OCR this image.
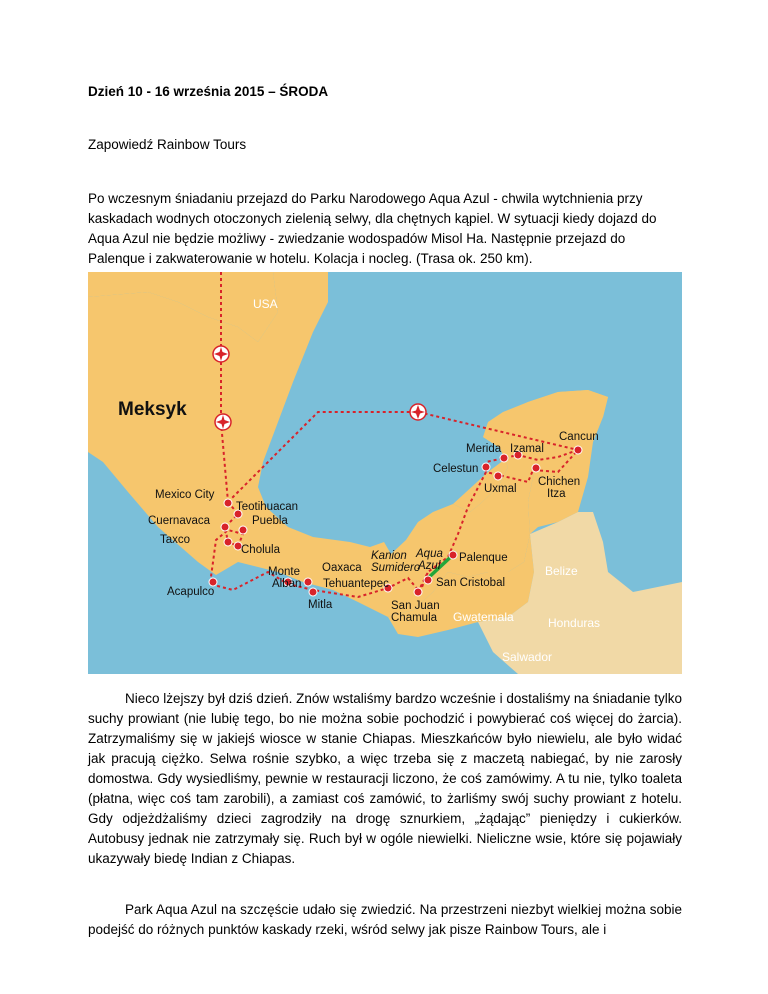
Dzień 10 - 16 września 2015 – ŚRODA
Zapowiedź Rainbow Tours

Po wczesnym śniadaniu przejazd do Parku Narodowego Aqua Azul - chwila wytchnienia przy kaskadach wodnych otoczonych zielenią selwy, dla chętnych kąpiel. W sytuacji kiedy dojazd do Aqua Azul nie będzie możliwy - zwiedzanie wodospadów Misol Ha. Następnie przejazd do Palenque i zakwaterowanie w hotelu. Kolacja i nocleg. (Trasa ok. 250 km).

USA
Meksyk
Cancun
Merida Izamal
Celestun
Chichen
Itza
Uxmal
Mexico City
Teotihuacan
Puebla
Cuernavaca
Taxco
Cholula	Kanion
Sumidero
Oaxaca
Monte
Alban Tehuantepec
Acapulco
Mitla
Aqua
Azul
Palenque
San Cristobal
San Juan
Chamula
Belize
Gwatemala	Honduras
Salwador

Nieco lżejszy był dziś dzień. Znów wstaliśmy bardzo wcześnie i dostaliśmy na śniadanie tylko suchy prowiant (nie lubię tego, bo nie można sobie pochodzić i powybierać coś więcej do żarcia). Zatrzymaliśmy się w jakiejś wiosce w stanie Chiapas. Mieszkańców było niewielu, ale było widać jak pracują ciężko. Selwa rośnie szybko, a więc trzeba się z maczetą nabiegać, by nie zarosły domostwa. Gdy wysiedliśmy, pewnie w restauracji liczono, że coś zamówimy. A tu nie, tylko toaleta (płatna, więc coś tam zarobili), a zamiast coś zamówić, to żarliśmy swój suchy prowiant z hotelu. Gdy odjeżdżaliśmy dzieci zagrodziły na drogę sznurkiem, „żądając” pieniędzy i cukierków. Autobusy jednak nie zatrzymały się. Ruch był w ogóle niewielki. Nieliczne wsie, które się pojawiały ukazywały biedę Indian z Chiapas.

Park Aqua Azul na szczęście udało się zwiedzić. Na przestrzeni niezbyt wielkiej można sobie podejść do różnych punktów kaskady rzeki, wśród selwy jak pisze Rainbow Tours, ale i
